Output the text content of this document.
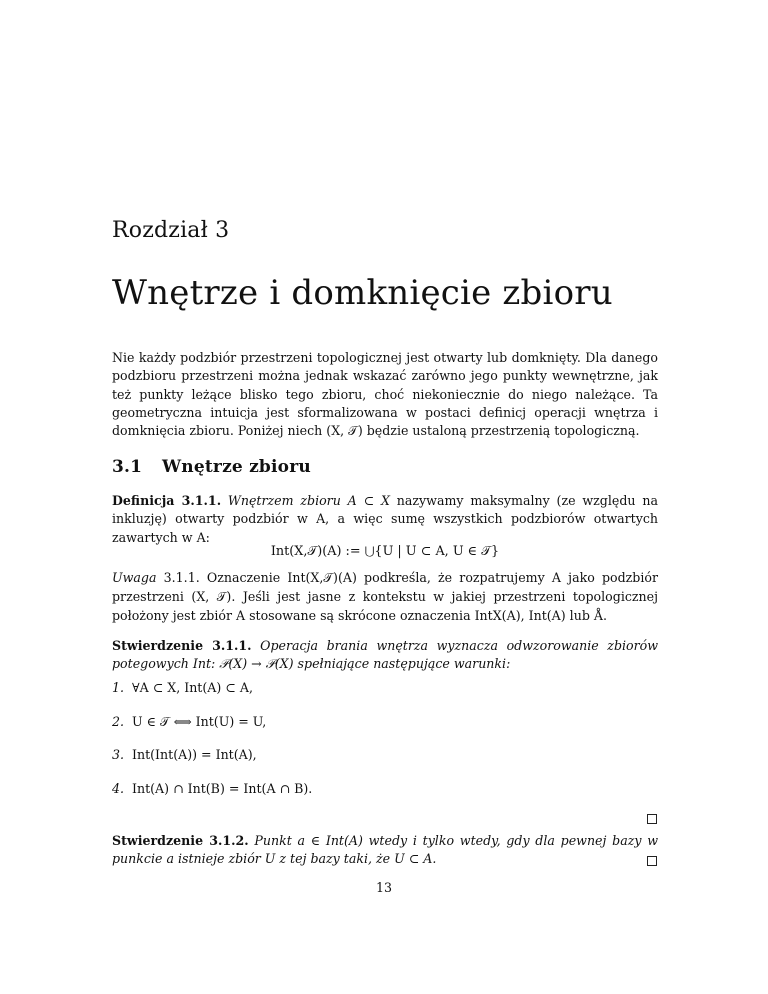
Rozdział 3
Wnętrze i domknięcie zbioru

Nie każdy podzbiór przestrzeni topologicznej jest otwarty lub domknięty. Dla danego podzbioru przestrzeni można jednak wskazać zarówno jego punkty wewnętrzne, jak też punkty leżące blisko tego zbioru, choć niekoniecznie do niego należące. Ta geometryczna intuicja jest sformalizowana w postaci definicj operacji wnętrza i domknięcia zbioru. Poniżej niech (X, 𝒯) będzie ustaloną przestrzenią topologiczną.

3.1 Wnętrze zbioru

Definicja 3.1.1. Wnętrzem zbioru A ⊂ X nazywamy maksymalny (ze względu na inkluzję) otwarty podzbiór w A, a więc sumę wszystkich podzbiorów otwartych zawartych w A:

Int(X,𝒯)(A) := ⋃{U | U ⊂ A, U ∈ 𝒯}

Uwaga 3.1.1. Oznaczenie Int(X,𝒯)(A) podkreśla, że rozpatrujemy A jako podzbiór przestrzeni (X, 𝒯). Jeśli jest jasne z kontekstu w jakiej przestrzeni topologicznej położony jest zbiór A stosowane są skrócone oznaczenia IntX(A), Int(A) lub Å.

Stwierdzenie 3.1.1. Operacja brania wnętrza wyznacza odwzorowanie zbiorów potegowych Int: 𝒫(X) → 𝒫(X) spełniające następujące warunki:

1. ∀A ⊂ X, Int(A) ⊂ A,
2. U ∈ 𝒯 ⟺ Int(U) = U,
3. Int(Int(A)) = Int(A),
4. Int(A) ∩ Int(B) = Int(A ∩ B).

Stwierdzenie 3.1.2. Punkt a ∈ Int(A) wtedy i tylko wtedy, gdy dla pewnej bazy w punkcie a istnieje zbiór U z tej bazy taki, że U ⊂ A.

13
